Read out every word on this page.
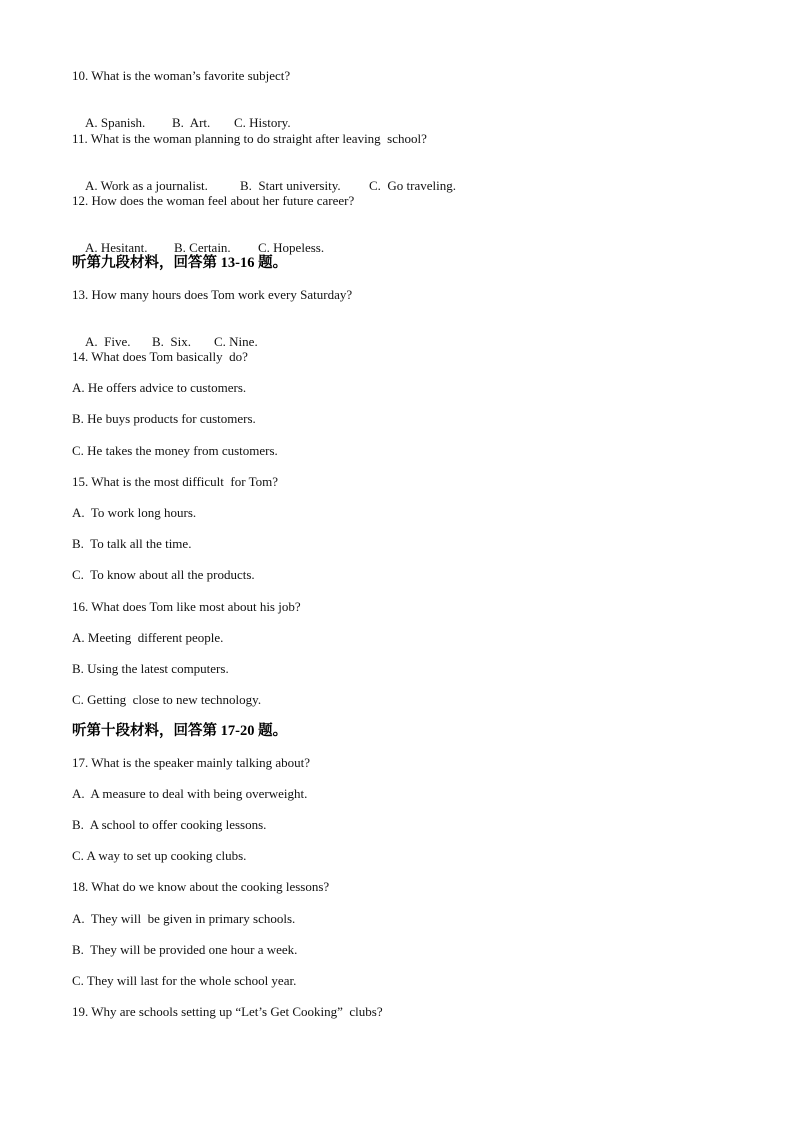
10. What is the woman’s favorite subject?

A. Spanish. B.  Art. C. History.

11. What is the woman planning to do straight after leaving  school?

A. Work as a journalist. B.  Start university. C.  Go traveling.

12. How does the woman feel about her future career?

A. Hesitant. B. Certain. C. Hopeless.

听第九段材料，回答第 13-16 题。
13. How many hours does Tom work every Saturday?

A.  Five. B.  Six. C. Nine.

14. What does Tom basically  do?
A. He offers advice to customers.
B. He buys products for customers.
C. He takes the money from customers.
15. What is the most difficult  for Tom?
A.  To work long hours.
B.  To talk all the time.
C.  To know about all the products.
16. What does Tom like most about his job?
A. Meeting  different people.
B. Using the latest computers.
C. Getting  close to new technology.
听第十段材料，回答第 17-20 题。
17. What is the speaker mainly talking about?
A.  A measure to deal with being overweight.
B.  A school to offer cooking lessons.
C. A way to set up cooking clubs.
18. What do we know about the cooking lessons?
A.  They will  be given in primary schools.
B.  They will be provided one hour a week.
C. They will last for the whole school year.
19. Why are schools setting up “Let’s Get Cooking”  clubs?
